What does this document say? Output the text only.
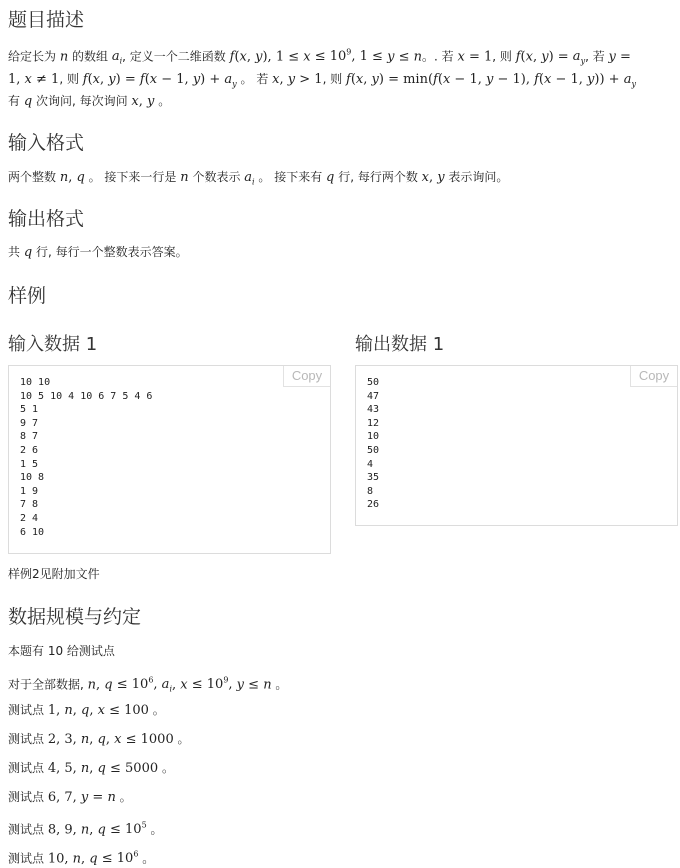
题目描述
给定长为 n 的数组 $a_i$, 定义一个二维函数 f(x, y), $1 \le x \le 10^9$, 1 ≤ y ≤ n。. 若 x = 1, 则 f(x, $y) = a_y$, 若 y =
1, x ≠ 1, 则 f(x, y) = f(x − 1, $y) + a_y$ 。 若 x, y > 1, 则 f(x, y) = min(f(x − 1, y − 1), f(x − 1, $y)) + a_y$
有 q 次询问, 每次询问 x, y 。
输入格式
两个整数 n, q 。 接下来一行是 n 个数表示 $a_i$ 。 接下来有 q 行, 每行两个数 x, y 表示询问。
输出格式
共 q 行, 每行一个整数表示答案。
样例
输入数据 1	输出数据 1
Copy
10 10
10 5 10 4 10 6 7 5 4 6
5 1
9 7
8 7
2 6
1 5
10 8
1 9
7 8
2 4
6 10
Copy
50
47
43
12
10
50
4
35
8
26
样例2见附加文件
数据规模与约定
本题有 10 给测试点
对于全部数据, n, $q \le 10^6$, $a_i$, $x \le 10^9$, y ≤ n 。
测试点 1, n, q, x ≤ 100 。
测试点 2, 3, n, q, x ≤ 1000 。
测试点 4, 5, n, q ≤ 5000 。
测试点 6, 7, y = n 。
测试点 8, 9, n, $q \le 10^5$ 。
测试点 10, n, $q \le 10^6$ 。
